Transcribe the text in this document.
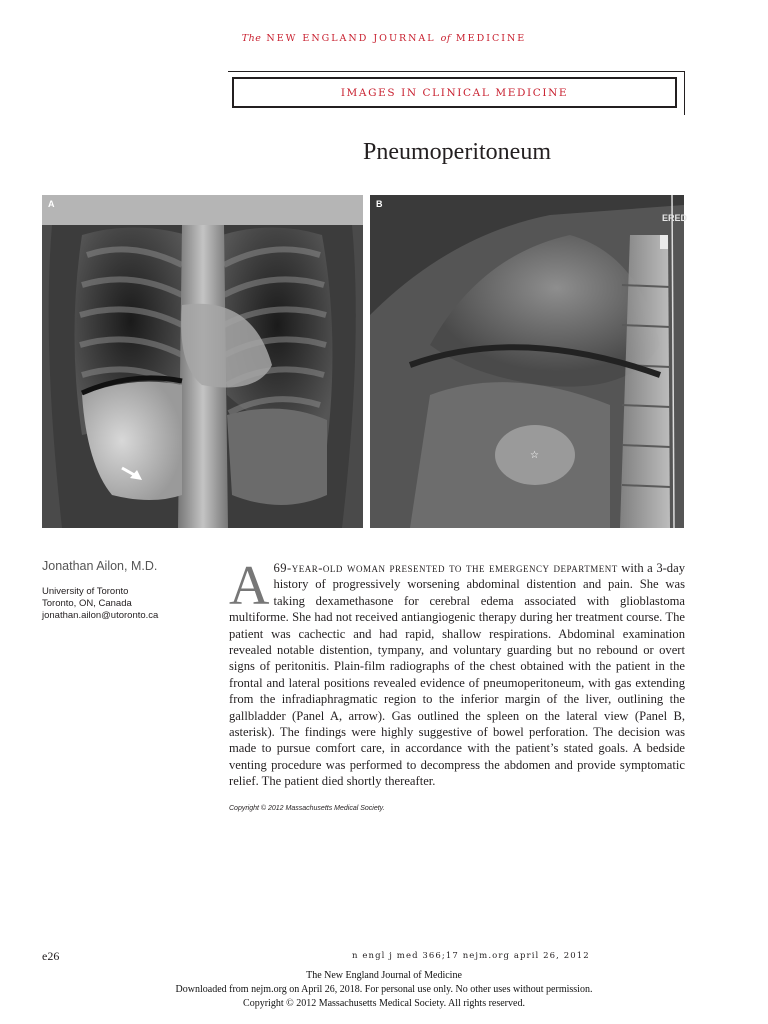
The NEW ENGLAND JOURNAL of MEDICINE
IMAGES IN CLINICAL MEDICINE
Pneumoperitoneum
A
ERED
☆
B
Jonathan Ailon, M.D.
University of Toronto
Toronto, ON, Canada
jonathan.ailon@utoronto.ca A 69-year-old woman presented to the emergency department with a 3-day history of progressively worsening abdominal distention and pain. She was taking dexamethasone for cerebral edema associated with glioblastoma multiforme. She had not received antiangiogenic therapy during her treatment course. The patient was cachectic and had rapid, shallow respirations. Abdominal examination revealed notable distention, tympany, and voluntary guarding but no rebound or overt signs of peritonitis. Plain-film radiographs of the chest obtained with the patient in the frontal and lateral positions revealed evidence of pneumoperitoneum, with gas extending from the infradiaphragmatic region to the inferior margin of the liver, outlining the gallbladder (Panel A, arrow). Gas outlined the spleen on the lateral view (Panel B, asterisk). The findings were highly suggestive of bowel perforation. The decision was made to pursue comfort care, in accordance with the patient’s stated goals. A bedside venting procedure was performed to decompress the abdomen and provide symptomatic relief. The patient died shortly thereafter.
Copyright © 2012 Massachusetts Medical Society.
e26	n engl j med 366;17 nejm.org april 26, 2012
The New England Journal of Medicine
Downloaded from nejm.org on April 26, 2018. For personal use only. No other uses without permission.
Copyright © 2012 Massachusetts Medical Society. All rights reserved.
